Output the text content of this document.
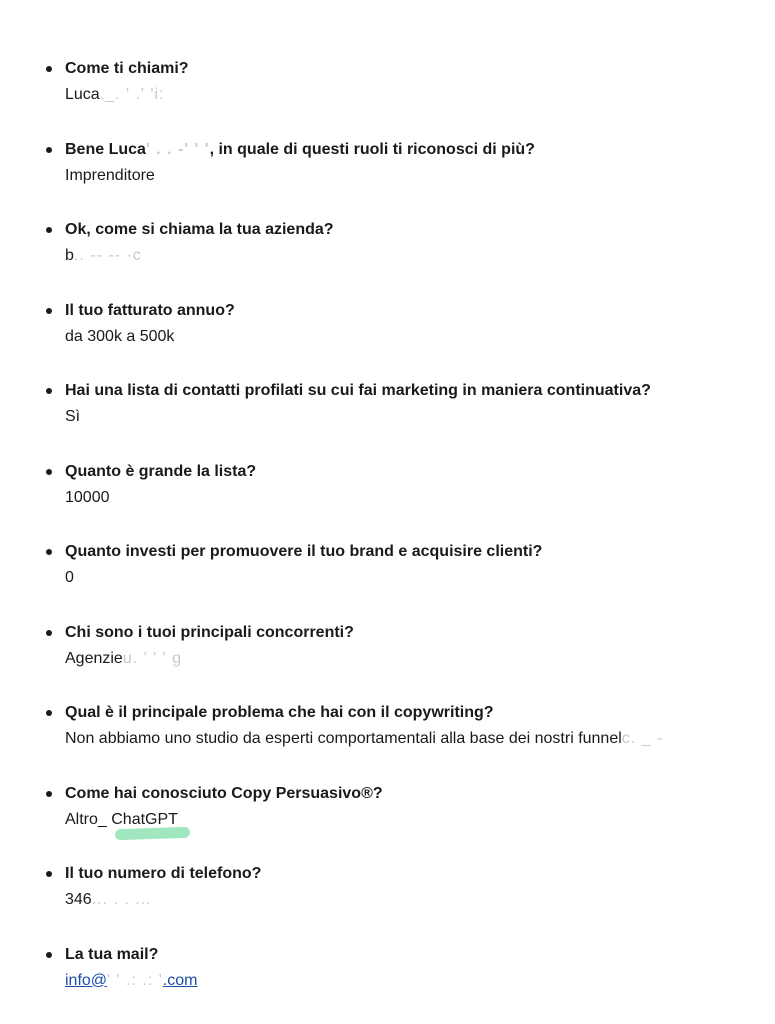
Come ti chiami?
Luca._. ' .' 'i:
Bene Luca' . . -' ' ', in quale di questi ruoli ti riconosci di più?
Imprenditore
Ok, come si chiama la tua azienda?
b.. -- -- ·c
Il tuo fatturato annuo?
da 300k a 500k
Hai una lista di contatti profilati su cui fai marketing in maniera continuativa?
Sì
Quanto è grande la lista?
10000
Quanto investi per promuovere il tuo brand e acquisire clienti?
0
Chi sono i tuoi principali concorrenti?
Agenzieu. ' ' ' g
Qual è il principale problema che hai con il copywriting?
Non abbiamo uno studio da esperti comportamentali alla base dei nostri funnelc. _ -
Come hai conosciuto Copy Persuasivo®?
Altro_ ChatGPT
Il tuo numero di telefono?
346... . . ...
La tua mail?
info@' ' .: .: '.com
